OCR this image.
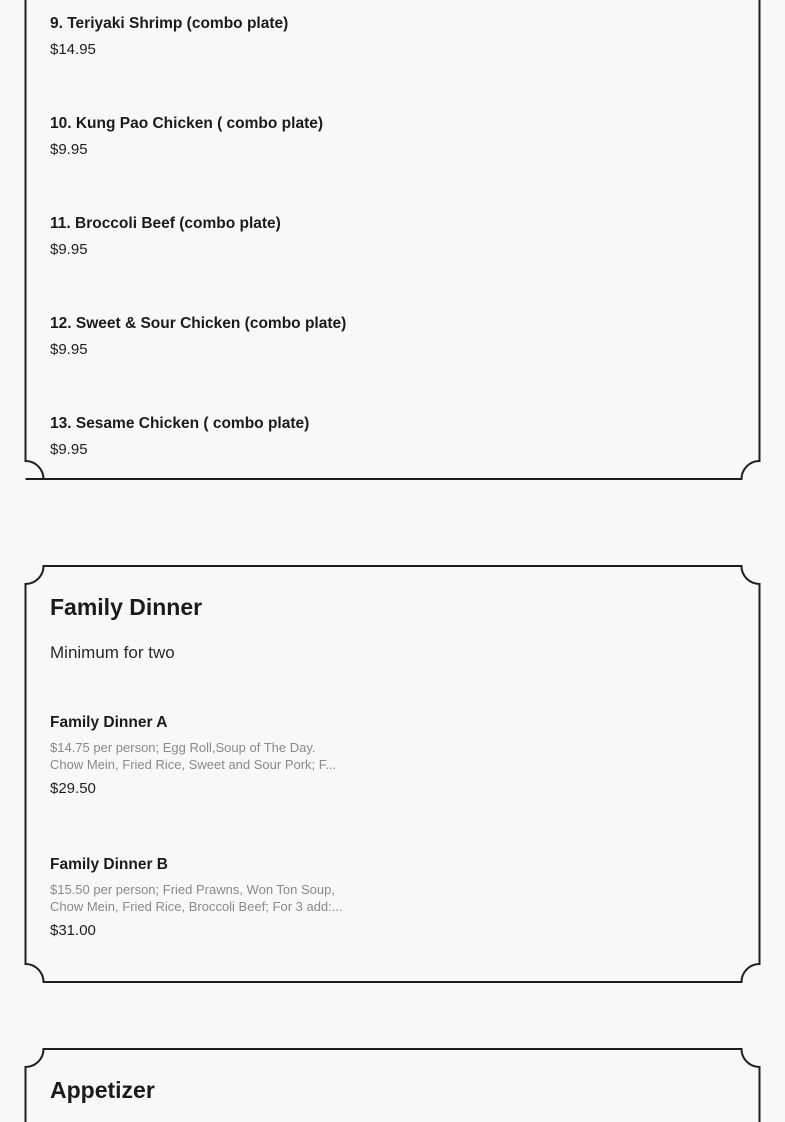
9. Teriyaki Shrimp (combo plate)
$14.95
10. Kung Pao Chicken ( combo plate)
$9.95
11. Broccoli Beef (combo plate)
$9.95
12. Sweet & Sour Chicken (combo plate)
$9.95
13. Sesame Chicken ( combo plate)
$9.95
Family Dinner
Minimum for two
Family Dinner A
$14.75 per person; Egg Roll,Soup of The Day.
Chow Mein, Fried Rice, Sweet and Sour Pork; F...
$29.50
Family Dinner B
$15.50 per person; Fried Prawns, Won Ton Soup,
Chow Mein, Fried Rice, Broccoli Beef; For 3 add:...
$31.00
Appetizer
